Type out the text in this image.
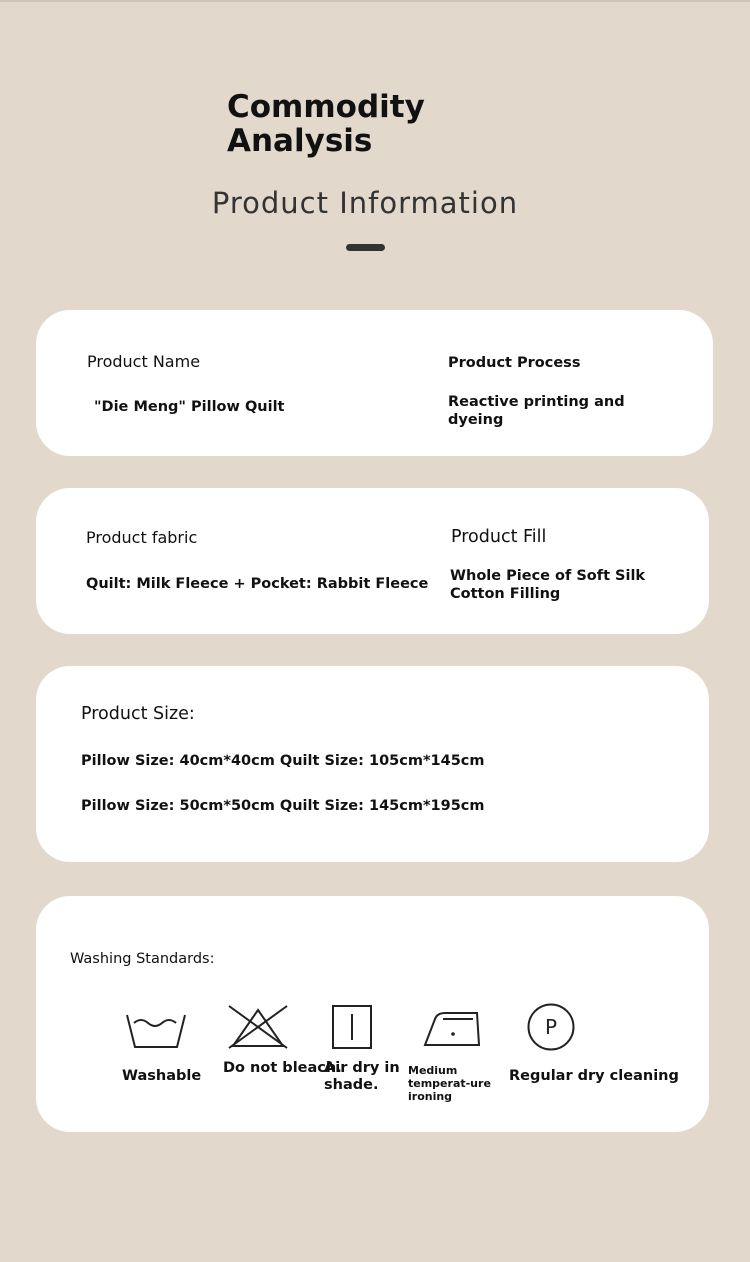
Commodity
Analysis
Product Information
Product Name
"Die Meng" Pillow Quilt
Product Process
Reactive printing and dyeing
Product fabric
Quilt: Milk Fleece + Pocket: Rabbit Fleece
Product Fill
Whole Piece of Soft Silk Cotton Filling
Product Size:
Pillow Size: 40cm*40cm Quilt Size: 105cm*145cm
Pillow Size: 50cm*50cm Quilt Size: 145cm*195cm
Washing Standards:
Washable Do not bleach.
Air dry in shade.
Medium temperat-ure ironing
P
Regular dry cleaning
